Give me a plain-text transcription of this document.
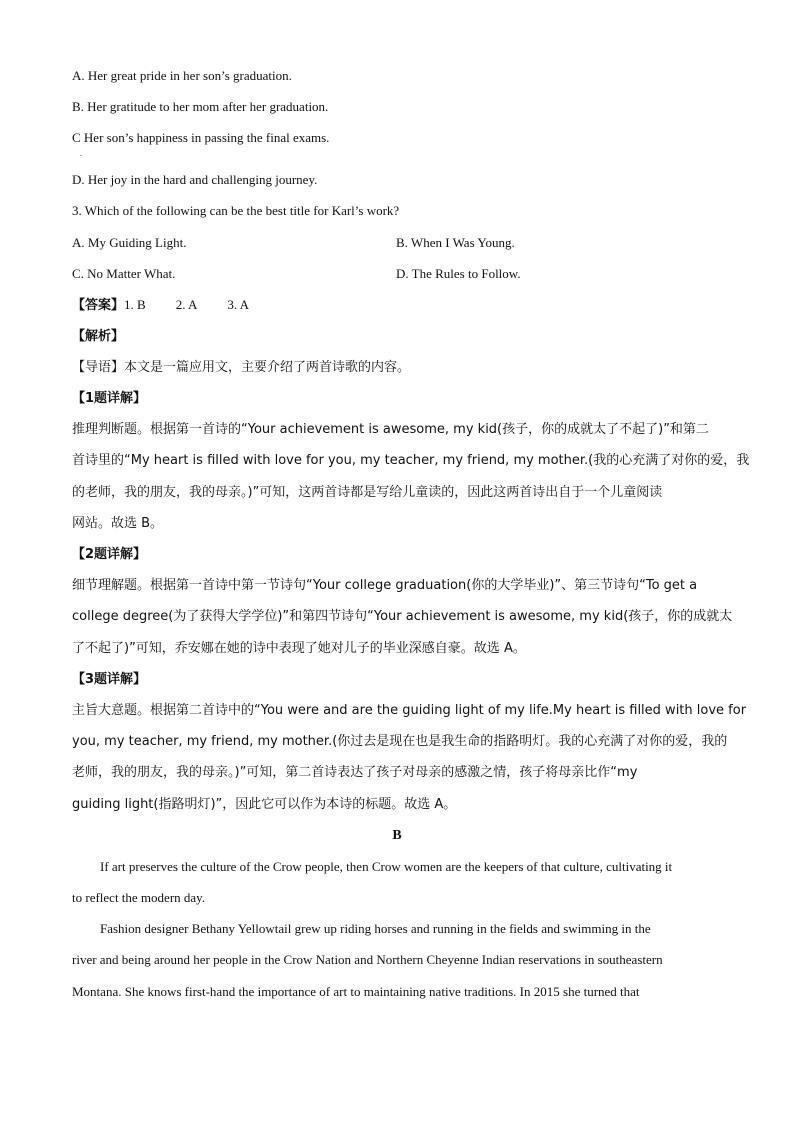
A. Her great pride in her son’s graduation.
B. Her gratitude to her mom after her graduation.
C Her son’s happiness in passing the final exams.
.
D. Her joy in the hard and challenging journey.
3. Which of the following can be the best title for Karl’s work?
A. My Guiding Light.	B. When I Was Young.
C. No Matter What.	D. The Rules to Follow.
【答案】1. B 2. A 3. A
【解析】
【导语】本文是一篇应用文，主要介绍了两首诗歌的内容。
【1题详解】
推理判断题。根据第一首诗的“Your achievement is awesome, my kid(孩子，你的成就太了不起了)”和第二
首诗里的“My heart is filled with love for you, my teacher, my friend, my mother.(我的心充满了对你的爱，我
的老师，我的朋友，我的母亲。)”可知，这两首诗都是写给儿童读的，因此这两首诗出自于一个儿童阅读
网站。故选 B。
【2题详解】
细节理解题。根据第一首诗中第一节诗句“Your college graduation(你的大学毕业)”、第三节诗句“To get a
college degree(为了获得大学学位)”和第四节诗句“Your achievement is awesome, my kid(孩子，你的成就太
了不起了)”可知，乔安娜在她的诗中表现了她对儿子的毕业深感自豪。故选 A。
【3题详解】
主旨大意题。根据第二首诗中的“You were and are the guiding light of my life.My heart is filled with love for
you, my teacher, my friend, my mother.(你过去是现在也是我生命的指路明灯。我的心充满了对你的爱，我的
老师，我的朋友，我的母亲。)”可知，第二首诗表达了孩子对母亲的感激之情，孩子将母亲比作“my
guiding light(指路明灯)”，因此它可以作为本诗的标题。故选 A。
B
If art preserves the culture of the Crow people, then Crow women are the keepers of that culture, cultivating it
to reflect the modern day.
Fashion designer Bethany Yellowtail grew up riding horses and running in the fields and swimming in the
river and being around her people in the Crow Nation and Northern Cheyenne Indian reservations in southeastern
Montana. She knows first-hand the importance of art to maintaining native traditions. In 2015 she turned that
